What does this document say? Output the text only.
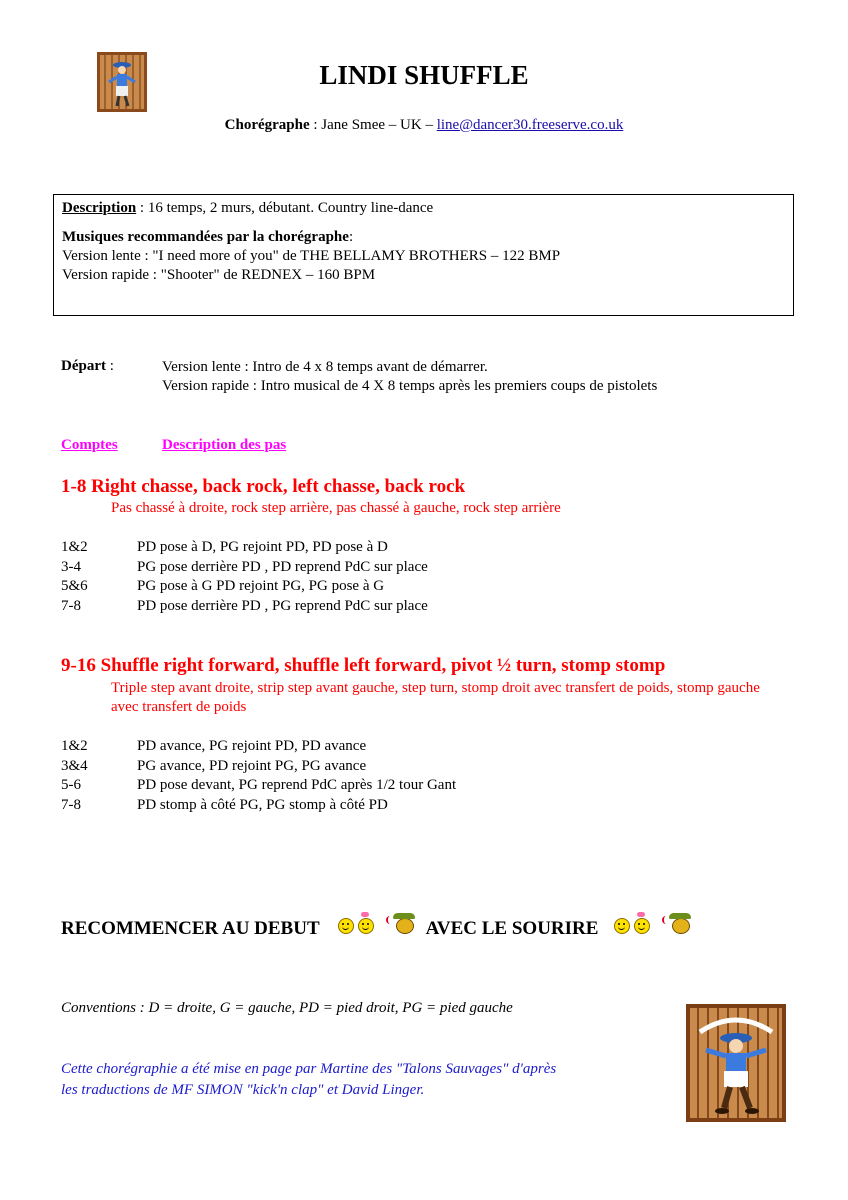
LINDI SHUFFLE
Chorégraphe : Jane Smee – UK – line@dancer30.freeserve.co.uk
Description : 16 temps, 2 murs, débutant. Country line-dance
Musiques recommandées par la chorégraphe:
Version lente : "I need more of you" de THE BELLAMY BROTHERS – 122 BMP
Version rapide : "Shooter" de REDNEX – 160 BPM
Départ :	Version lente : Intro de 4 x 8 temps avant de démarrer.
Version rapide : Intro musical de 4 X 8 temps après les premiers coups de pistolets
Comptes	Description des pas
1-8 Right chasse, back rock, left chasse, back rock
Pas chassé à droite, rock step arrière, pas chassé à gauche, rock step arrière
1&2	PD pose à D, PG rejoint PD, PD pose à D
3-4	PG pose derrière PD , PD reprend PdC sur place
5&6	PG pose à G PD rejoint PG, PG pose à G
7-8	PD pose derrière PD , PG reprend PdC sur place
9-16 Shuffle right forward, shuffle left forward, pivot ½ turn, stomp stomp
Triple step avant droite, strip step avant gauche, step turn, stomp droit avec transfert de poids, stomp gauche avec transfert de poids
1&2	PD avance, PG rejoint PD, PD avance
3&4	PG avance, PD rejoint PG, PG avance
5-6	PD pose devant, PG reprend PdC après 1/2 tour Gant
7-8	PD stomp à côté PG, PG stomp à côté PD
RECOMMENCER AU DEBUT	AVEC LE SOURIRE
Conventions : D = droite, G = gauche, PD = pied droit, PG = pied gauche
Cette chorégraphie a été mise en page par Martine des "Talons Sauvages" d'après
les traductions de MF SIMON "kick'n clap" et David Linger.
